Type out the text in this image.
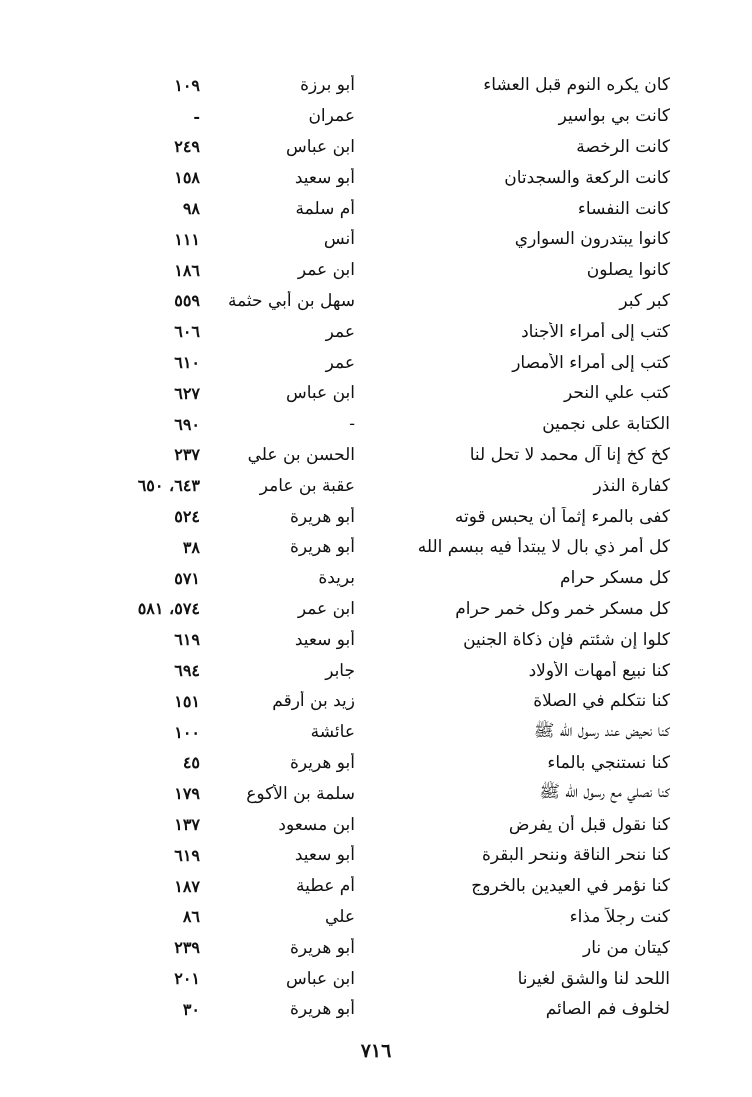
كان يكره النوم قبل العشاء
أبو برزة
١٠٩
كانت بي بواسير
عمران
-
كانت الرخصة
ابن عباس
٢٤٩
كانت الركعة والسجدتان
أبو سعيد
١٥٨
كانت النفساء
أم سلمة
٩٨
كانوا يبتدرون السواري
أنس
١١١
كانوا يصلون
ابن عمر
١٨٦
كبر كبر
سهل بن أبي حثمة
٥٥٩
كتب إلى أمراء الأجناد
عمر
٦٠٦
كتب إلى أمراء الأمصار
عمر
٦١٠
كتب علي النحر
ابن عباس
٦٢٧
الكتابة على نجمين
-
٦٩٠
كخ كخ إنا آل محمد لا تحل لنا
الحسن بن علي
٢٣٧
كفارة النذر
عقبة بن عامر
٦٤٣، ٦٥٠
كفى بالمرء إثماً أن يحبس قوته
أبو هريرة
٥٢٤
كل أمر ذي بال لا يبتدأ فيه ببسم الله
أبو هريرة
٣٨
كل مسكر حرام
بريدة
٥٧١
كل مسكر خمر وكل خمر حرام
ابن عمر
٥٧٤، ٥٨١
كلوا إن شئتم فإن ذكاة الجنين
أبو سعيد
٦١٩
كنا نبيع أمهات الأولاد
جابر
٦٩٤
كنا نتكلم في الصلاة
زيد بن أرقم
١٥١
كنا نحيض عند رسول الله ﷺ
عائشة
١٠٠
كنا نستنجي بالماء
أبو هريرة
٤٥
كنا نصلي مع رسول الله ﷺ
سلمة بن الأكوع
١٧٩
كنا نقول قبل أن يفرض
ابن مسعود
١٣٧
كنا ننحر الناقة وننحر البقرة
أبو سعيد
٦١٩
كنا نؤمر في العيدين بالخروج
أم عطية
١٨٧
كنت رجلاً مذاء
علي
٨٦
كيتان من نار
أبو هريرة
٢٣٩
اللحد لنا والشق لغيرنا
ابن عباس
٢٠١
لخلوف فم الصائم
أبو هريرة
٣٠
٧١٦
